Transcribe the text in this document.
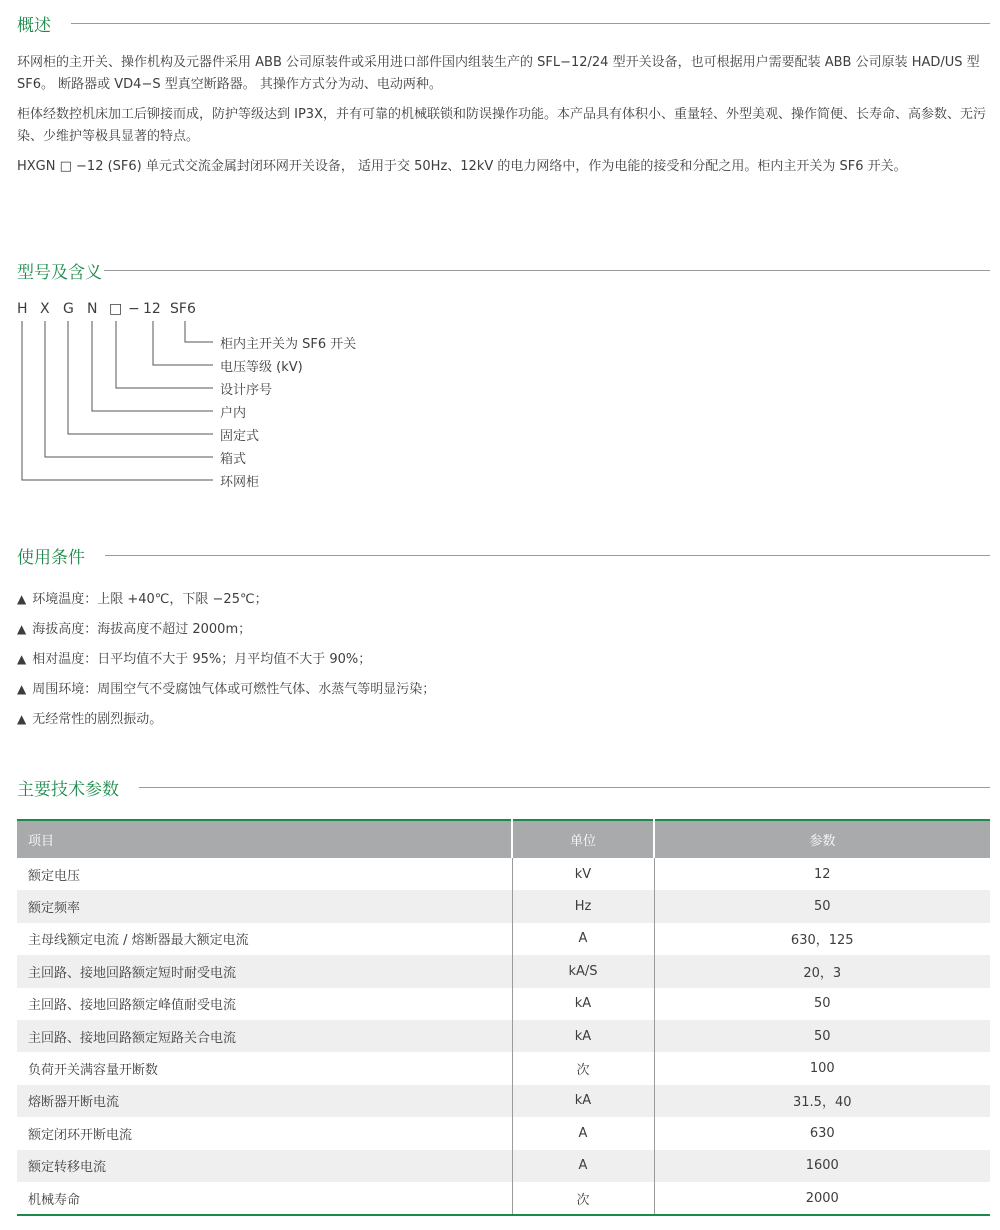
概述

环网柜的主开关、操作机构及元器件采用 ABB 公司原装件或采用进口部件国内组装生产的 SFL−12/24 型开关设备，也可根据用户需要配装 ABB 公司原装 HAD/US 型 SF6。 断路器或 VD4−S 型真空断路器。 其操作方式分为动、电动两种。

柜体经数控机床加工后铆接而成，防护等级达到 IP3X，并有可靠的机械联锁和防误操作功能。本产品具有体积小、重量轻、外型美观、操作简便、长寿命、高参数、无污染、少维护等极具显著的特点。

HXGN □ −12 (SF6) 单元式交流金属封闭环网开关设备， 适用于交 50Hz、12kV 的电力网络中，作为电能的接受和分配之用。柜内主开关为 SF6 开关。

型号及含义
H X G N □ − 12 SF6
柜内主开关为 SF6 开关
电压等级 (kV)
设计序号
户内
固定式
箱式
环网柜
使用条件
▲ 环境温度：上限 +40℃，下限 −25℃；
▲ 海拔高度：海拔高度不超过 2000m；
▲ 相对温度：日平均值不大于 95%；月平均值不大于 90%；
▲ 周围环境：周围空气不受腐蚀气体或可燃性气体、水蒸气等明显污染；
▲ 无经常性的剧烈振动。
主要技术参数
项目	单位	参数
额定电压	kV	12
额定频率	Hz	50
主母线额定电流 / 熔断器最大额定电流	A	630，125
主回路、接地回路额定短时耐受电流	kA/S	20，3
主回路、接地回路额定峰值耐受电流	kA	50
主回路、接地回路额定短路关合电流	kA	50
负荷开关满容量开断数	次	100
熔断器开断电流	kA	31.5，40
额定闭环开断电流	A	630
额定转移电流	A	1600
机械寿命	次	2000
